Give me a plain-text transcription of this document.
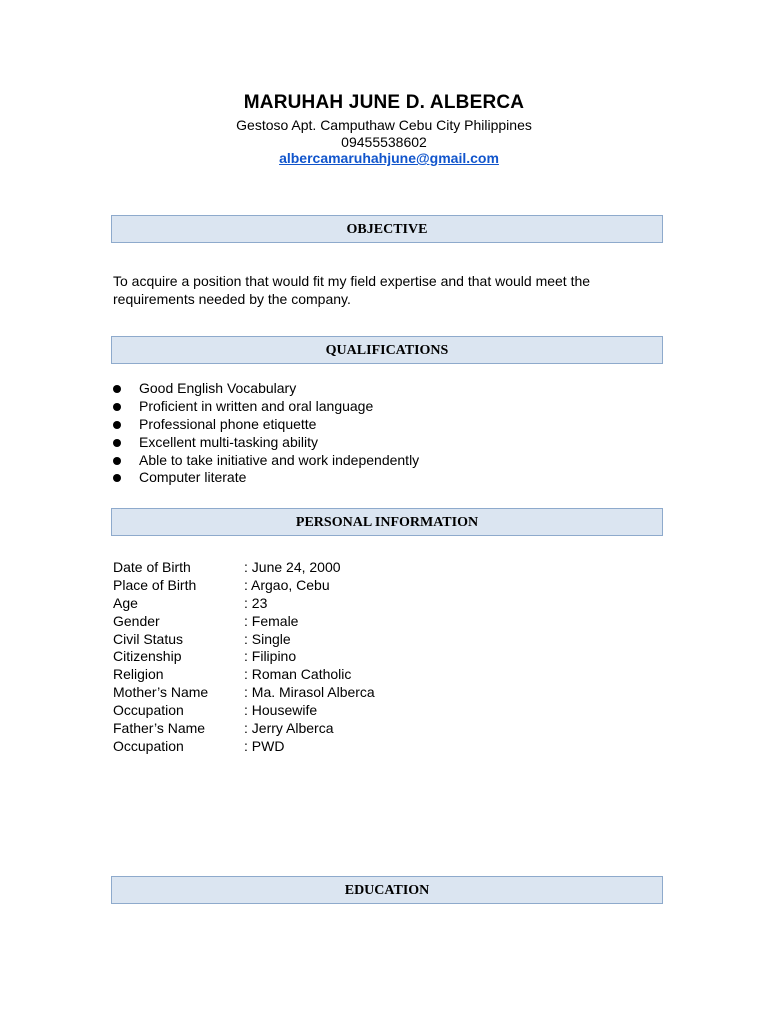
MARUHAH JUNE D. ALBERCA
Gestoso Apt. Camputhaw Cebu City Philippines
09455538602
albercamaruhahjune@gmail.com
OBJECTIVE
To acquire a position that would fit my field expertise and that would meet the requirements needed by the company.
QUALIFICATIONS
Good English Vocabulary
Proficient in written and oral language
Professional phone etiquette
Excellent multi-tasking ability
Able to take initiative and work independently
Computer literate
PERSONAL INFORMATION
Date of Birth	: June 24, 2000
Place of Birth	: Argao, Cebu
Age	: 23
Gender	: Female
Civil Status	: Single
Citizenship	: Filipino
Religion	: Roman Catholic
Mother’s Name	: Ma. Mirasol Alberca
Occupation	: Housewife
Father’s Name	: Jerry Alberca
Occupation	: PWD
EDUCATION
